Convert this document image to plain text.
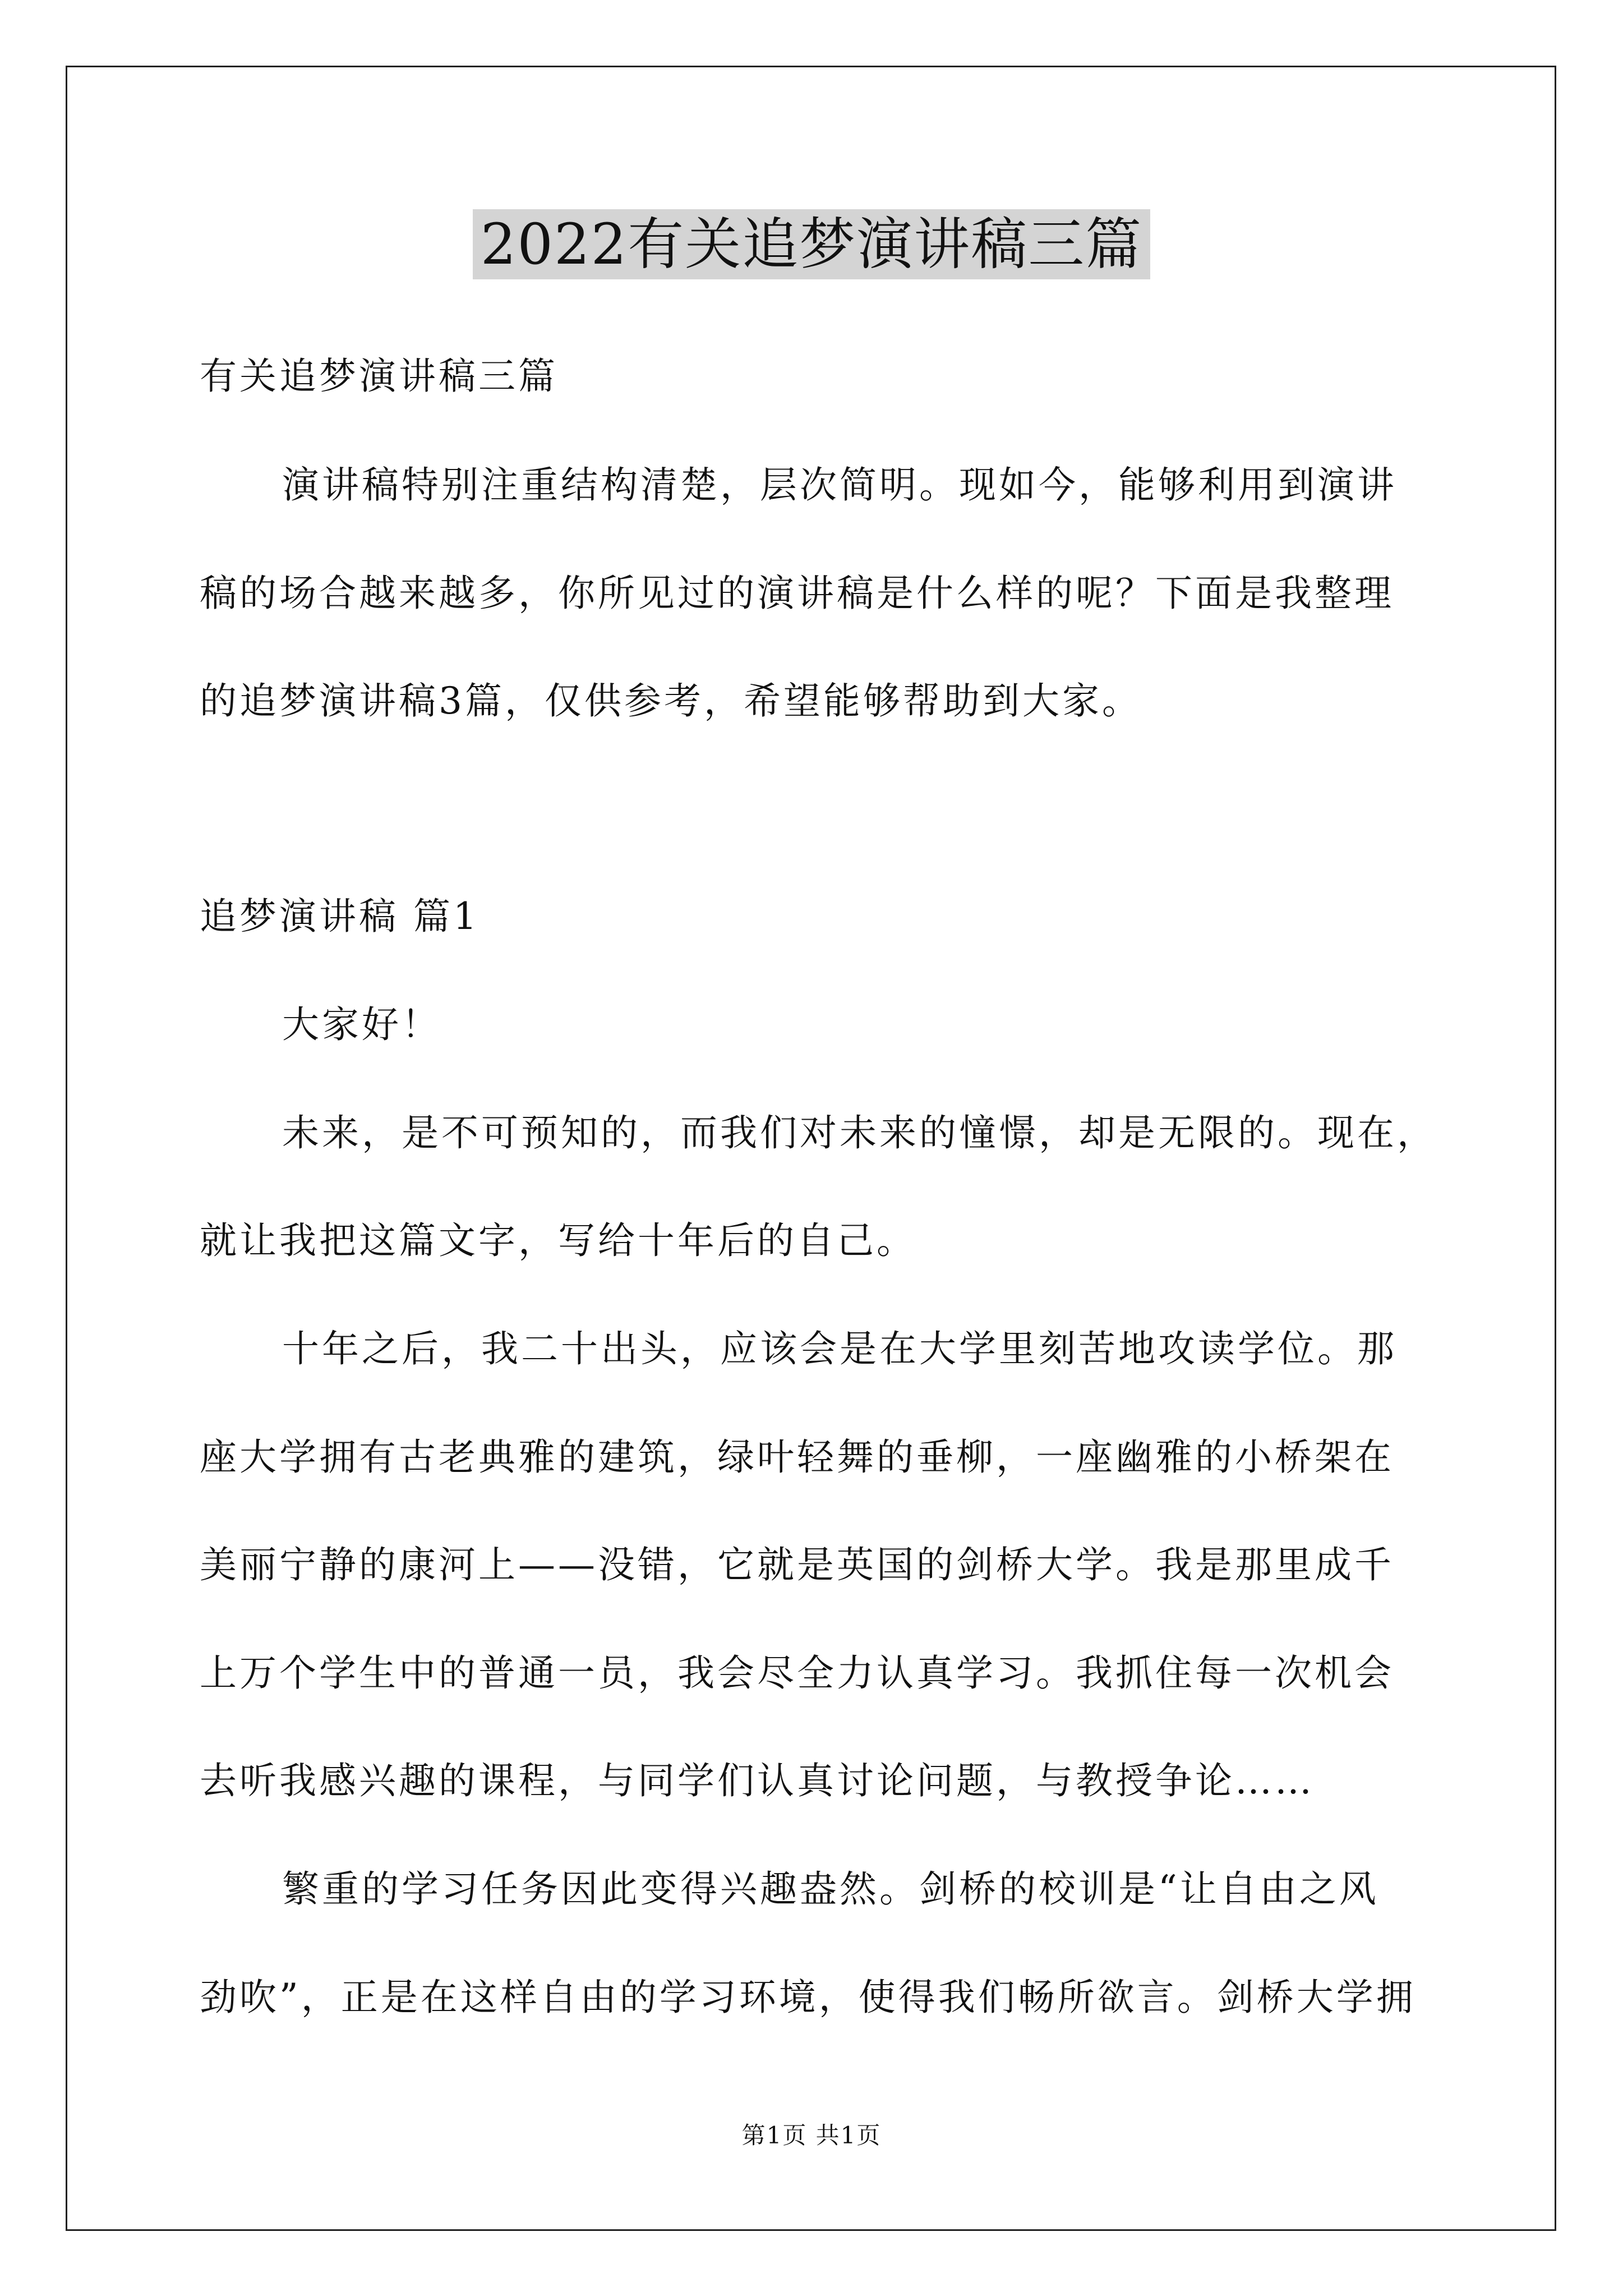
2022有关追梦演讲稿三篇
有关追梦演讲稿三篇
演讲稿特别注重结构清楚，层次简明。现如今，能够利用到演讲
稿的场合越来越多，你所见过的演讲稿是什么样的呢？下面是我整理
的追梦演讲稿3篇，仅供参考，希望能够帮助到大家。
追梦演讲稿 篇1
大家好！
未来，是不可预知的，而我们对未来的憧憬，却是无限的。现在，
就让我把这篇文字，写给十年后的自己。
十年之后，我二十出头，应该会是在大学里刻苦地攻读学位。那
座大学拥有古老典雅的建筑，绿叶轻舞的垂柳，一座幽雅的小桥架在
美丽宁静的康河上——没错，它就是英国的剑桥大学。我是那里成千
上万个学生中的普通一员，我会尽全力认真学习。我抓住每一次机会
去听我感兴趣的课程，与同学们认真讨论问题，与教授争论……
繁重的学习任务因此变得兴趣盎然。剑桥的校训是“让自由之风
劲吹”，正是在这样自由的学习环境，使得我们畅所欲言。剑桥大学拥
第1页 共1页
